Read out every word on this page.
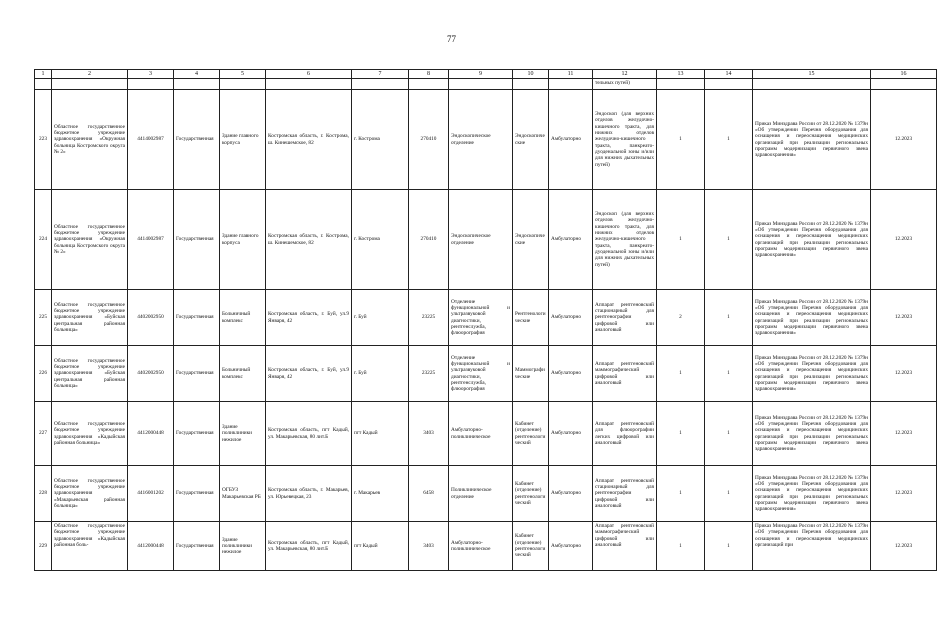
77
1	2	3	4	5	6	7	8	9	10	11	12	13	14	15	16
											тельных путей)				
223	Областное государственное бюджетное учреждение здравоохранения «Окружная больница Костромского округа № 2»	4414002987	Государственная	Здание главного корпуса	Костромская область, г. Кострома, ш. Кинешемское, 82	г. Кострома	270410	Эндоскопическое отделение	Эндоскопические	Амбулаторно	Эндоскоп (для верхних отделов желудочно-кишечного тракта, для нижних отделов желудочно-кишечного тракта, панкреато-дуоденальной зоны и/или для нижних дыхательных путей)	1	1	Приказ Минздрава России от 28.12.2020 № 1379н «Об утверждении Перечня оборудования для оснащения и переоснащения медицинских организаций при реализации региональных программ модернизации первичного звена здравоохранения»	12.2023
224	Областное государственное бюджетное учреждение здравоохранения «Окружная больница Костромского округа № 2»	4414002987	Государственная	Здание главного корпуса	Костромская область, г. Кострома, ш. Кинешемское, 82	г. Кострома	270410	Эндоскопическое отделение	Эндоскопические	Амбулаторно	Эндоскоп (для верхних отделов желудочно-кишечного тракта, для нижних отделов желудочно-кишечного тракта, панкреато-дуоденальной зоны и/или для нижних дыхательных путей)	1	1	Приказ Минздрава России от 28.12.2020 № 1379н «Об утверждении Перечня оборудования для оснащения и переоснащения медицинских организаций при реализации региональных программ модернизации первичного звена здравоохранения»	12.2023
225	Областное государственное бюджетное учреждение здравоохранения «Буйская центральная районная больница»	4402002950	Государственная	Больничный комплекс	Костромская область, г. Буй, ул.9 Января, 42	г. Буй	23225	Отделение функциональной и ультразвуковой диагностики, рентгенслужба, флюорография	Рентгенологические	Амбулаторно	Аппарат рентгеновский стационарный для рентгенографии цифровой или аналоговый	2	1	Приказ Минздрава России от 28.12.2020 № 1379н «Об утверждении Перечня оборудования для оснащения и переоснащения медицинских организаций при реализации региональных программ модернизации первичного звена здравоохранения»	12.2023
226	Областное государственное бюджетное учреждение здравоохранения «Буйская центральная районная больница»	4402002950	Государственная	Больничный комплекс	Костромская область, г. Буй, ул.9 Января, 42	г. Буй	23225	Отделение функциональной и ультразвуковой диагностики, рентгенслужба, флюорография	Маммографические	Амбулаторно	Аппарат рентгеновский маммографический цифровой или аналоговый	1	1	Приказ Минздрава России от 28.12.2020 № 1379н «Об утверждении Перечня оборудования для оснащения и переоснащения медицинских организаций при реализации региональных программ модернизации первичного звена здравоохранения»	12.2023
227	Областное государственное бюджетное учреждение здравоохранения «Кадыйская районная больница»	4412000448	Государственная	Здание поликлиники нежилое	Костромская область, пгт Кадый, ул. Макарьевская, 80 лит.Б	пгт Кадый	3403	Амбулаторно-поликлиническое	Кабинет (отделение) рентгенологический	Амбулаторно	Аппарат рентгеновский для флюорографии легких цифровой или аналоговый	1	1	Приказ Минздрава России от 28.12.2020 № 1379н «Об утверждении Перечня оборудования для оснащения и переоснащения медицинских организаций при реализации региональных программ модернизации первичного звена здравоохранения»	12.2023
228	Областное государственное бюджетное учреждение здравоохранения «Макарьевская районная больница»	4416001202	Государственная	ОГБУЗ Макарьевская РБ	Костромская область, г. Макарьев, ул. Юрьевецкая, 23	г. Макарьев	6458	Поликлиническое отделение	Кабинет (отделение) рентгенологический	Амбулаторно	Аппарат рентгеновский стационарный для рентгенографии цифровой или аналоговый	1	1	Приказ Минздрава России от 28.12.2020 № 1379н «Об утверждении Перечня оборудования для оснащения и переоснащения медицинских организаций при реализации региональных программ модернизации первичного звена здравоохранения»	12.2023
229	Областное государственное бюджетное учреждение здравоохранения «Кадыйская районная боль-	4412000448	Государственная	Здание поликлиники нежилое	Костромская область, пгт Кадый, ул. Макарьевская, 80 лит.Б	пгт Кадый	3403	Амбулаторно-поликлиническое	Кабинет (отделение) рентгенологический	Амбулаторно	Аппарат рентгеновский маммографический цифровой или аналоговый	1	1	Приказ Минздрава России от 28.12.2020 № 1379н «Об утверждении Перечня оборудования для оснащения и переоснащения медицинских организаций при	12.2023
